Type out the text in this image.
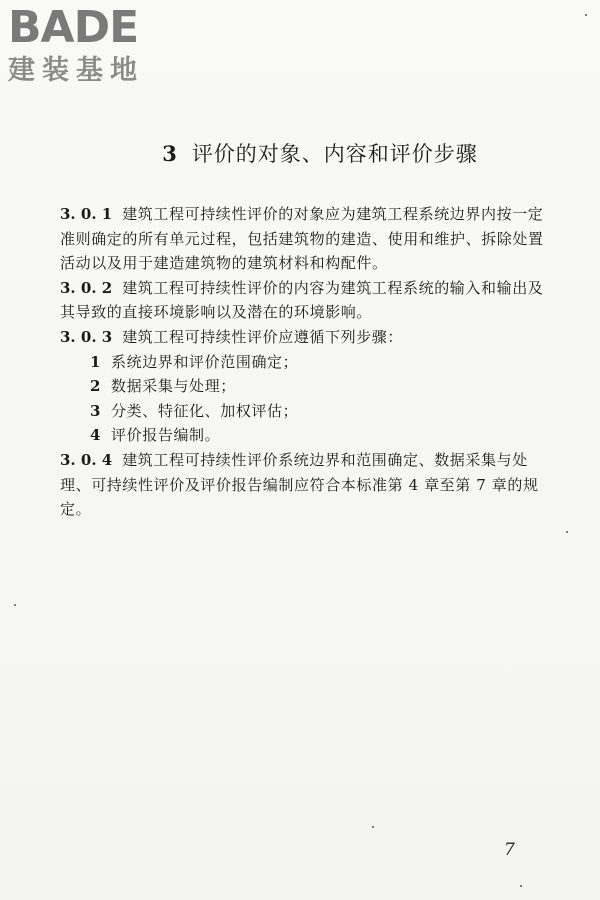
BADE
建装基地
3 评价的对象、内容和评价步骤

3. 0. 1 建筑工程可持续性评价的对象应为建筑工程系统边界内按一定准则确定的所有单元过程，包括建筑物的建造、使用和维护、拆除处置活动以及用于建造建筑物的建筑材料和构配件。

3. 0. 2 建筑工程可持续性评价的内容为建筑工程系统的输入和输出及其导致的直接环境影响以及潜在的环境影响。

3. 0. 3 建筑工程可持续性评价应遵循下列步骤：

1 系统边界和评价范围确定；

2 数据采集与处理；

3 分类、特征化、加权评估；

4 评价报告编制。

3. 0. 4 建筑工程可持续性评价系统边界和范围确定、数据采集与处理、可持续性评价及评价报告编制应符合本标准第 4 章至第 7 章的规定。

7
